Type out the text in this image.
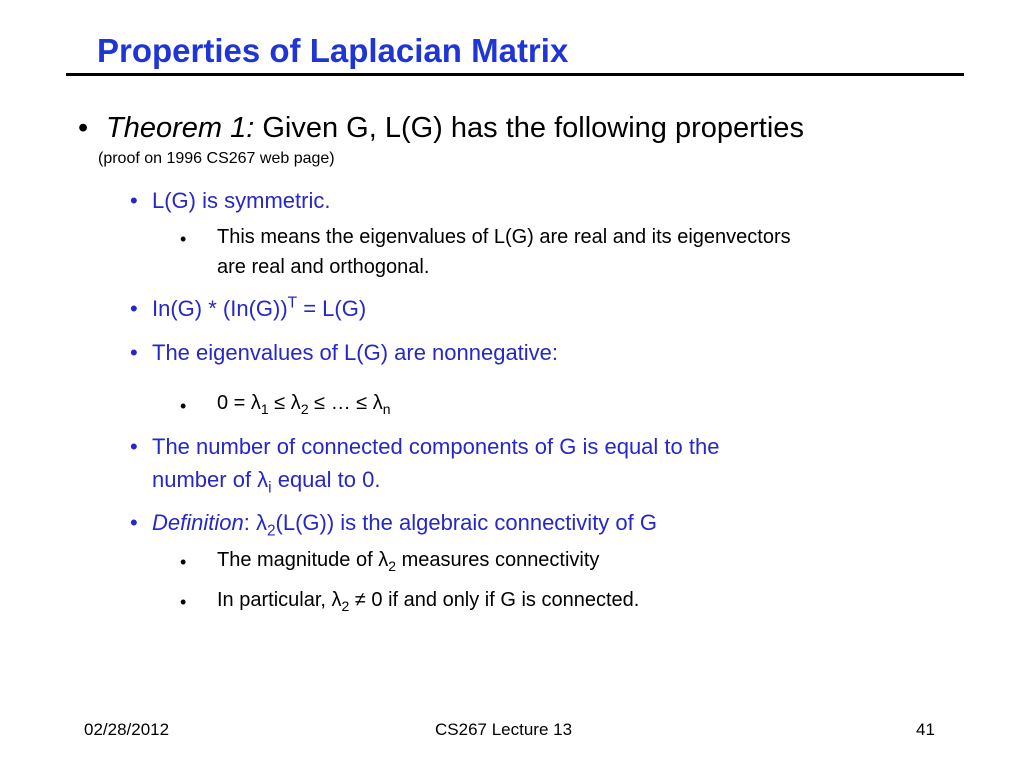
Properties of Laplacian Matrix
• Theorem 1: Given G, L(G) has the following properties
(proof on 1996 CS267 web page)
• L(G) is symmetric.
• This means the eigenvalues of L(G) are real and its eigenvectors
are real and orthogonal.
• $In(G) * (In(G))^T = L(G)$
• The eigenvalues of L(G) are nonnegative:
• $0 = \lambda_1 \le \lambda_2$ ≤ … ≤ $\lambda_n$
• The number of connected components of G is equal to the
number of $\lambda_i$ equal to 0.
• Definition: $\lambda_2(L(G))$ is the algebraic connectivity of G
• The magnitude of $\lambda_2$ measures connectivity
• In particular, $\lambda_2 \ne 0$ if and only if G is connected.
02/28/2012	CS267 Lecture 13	41
